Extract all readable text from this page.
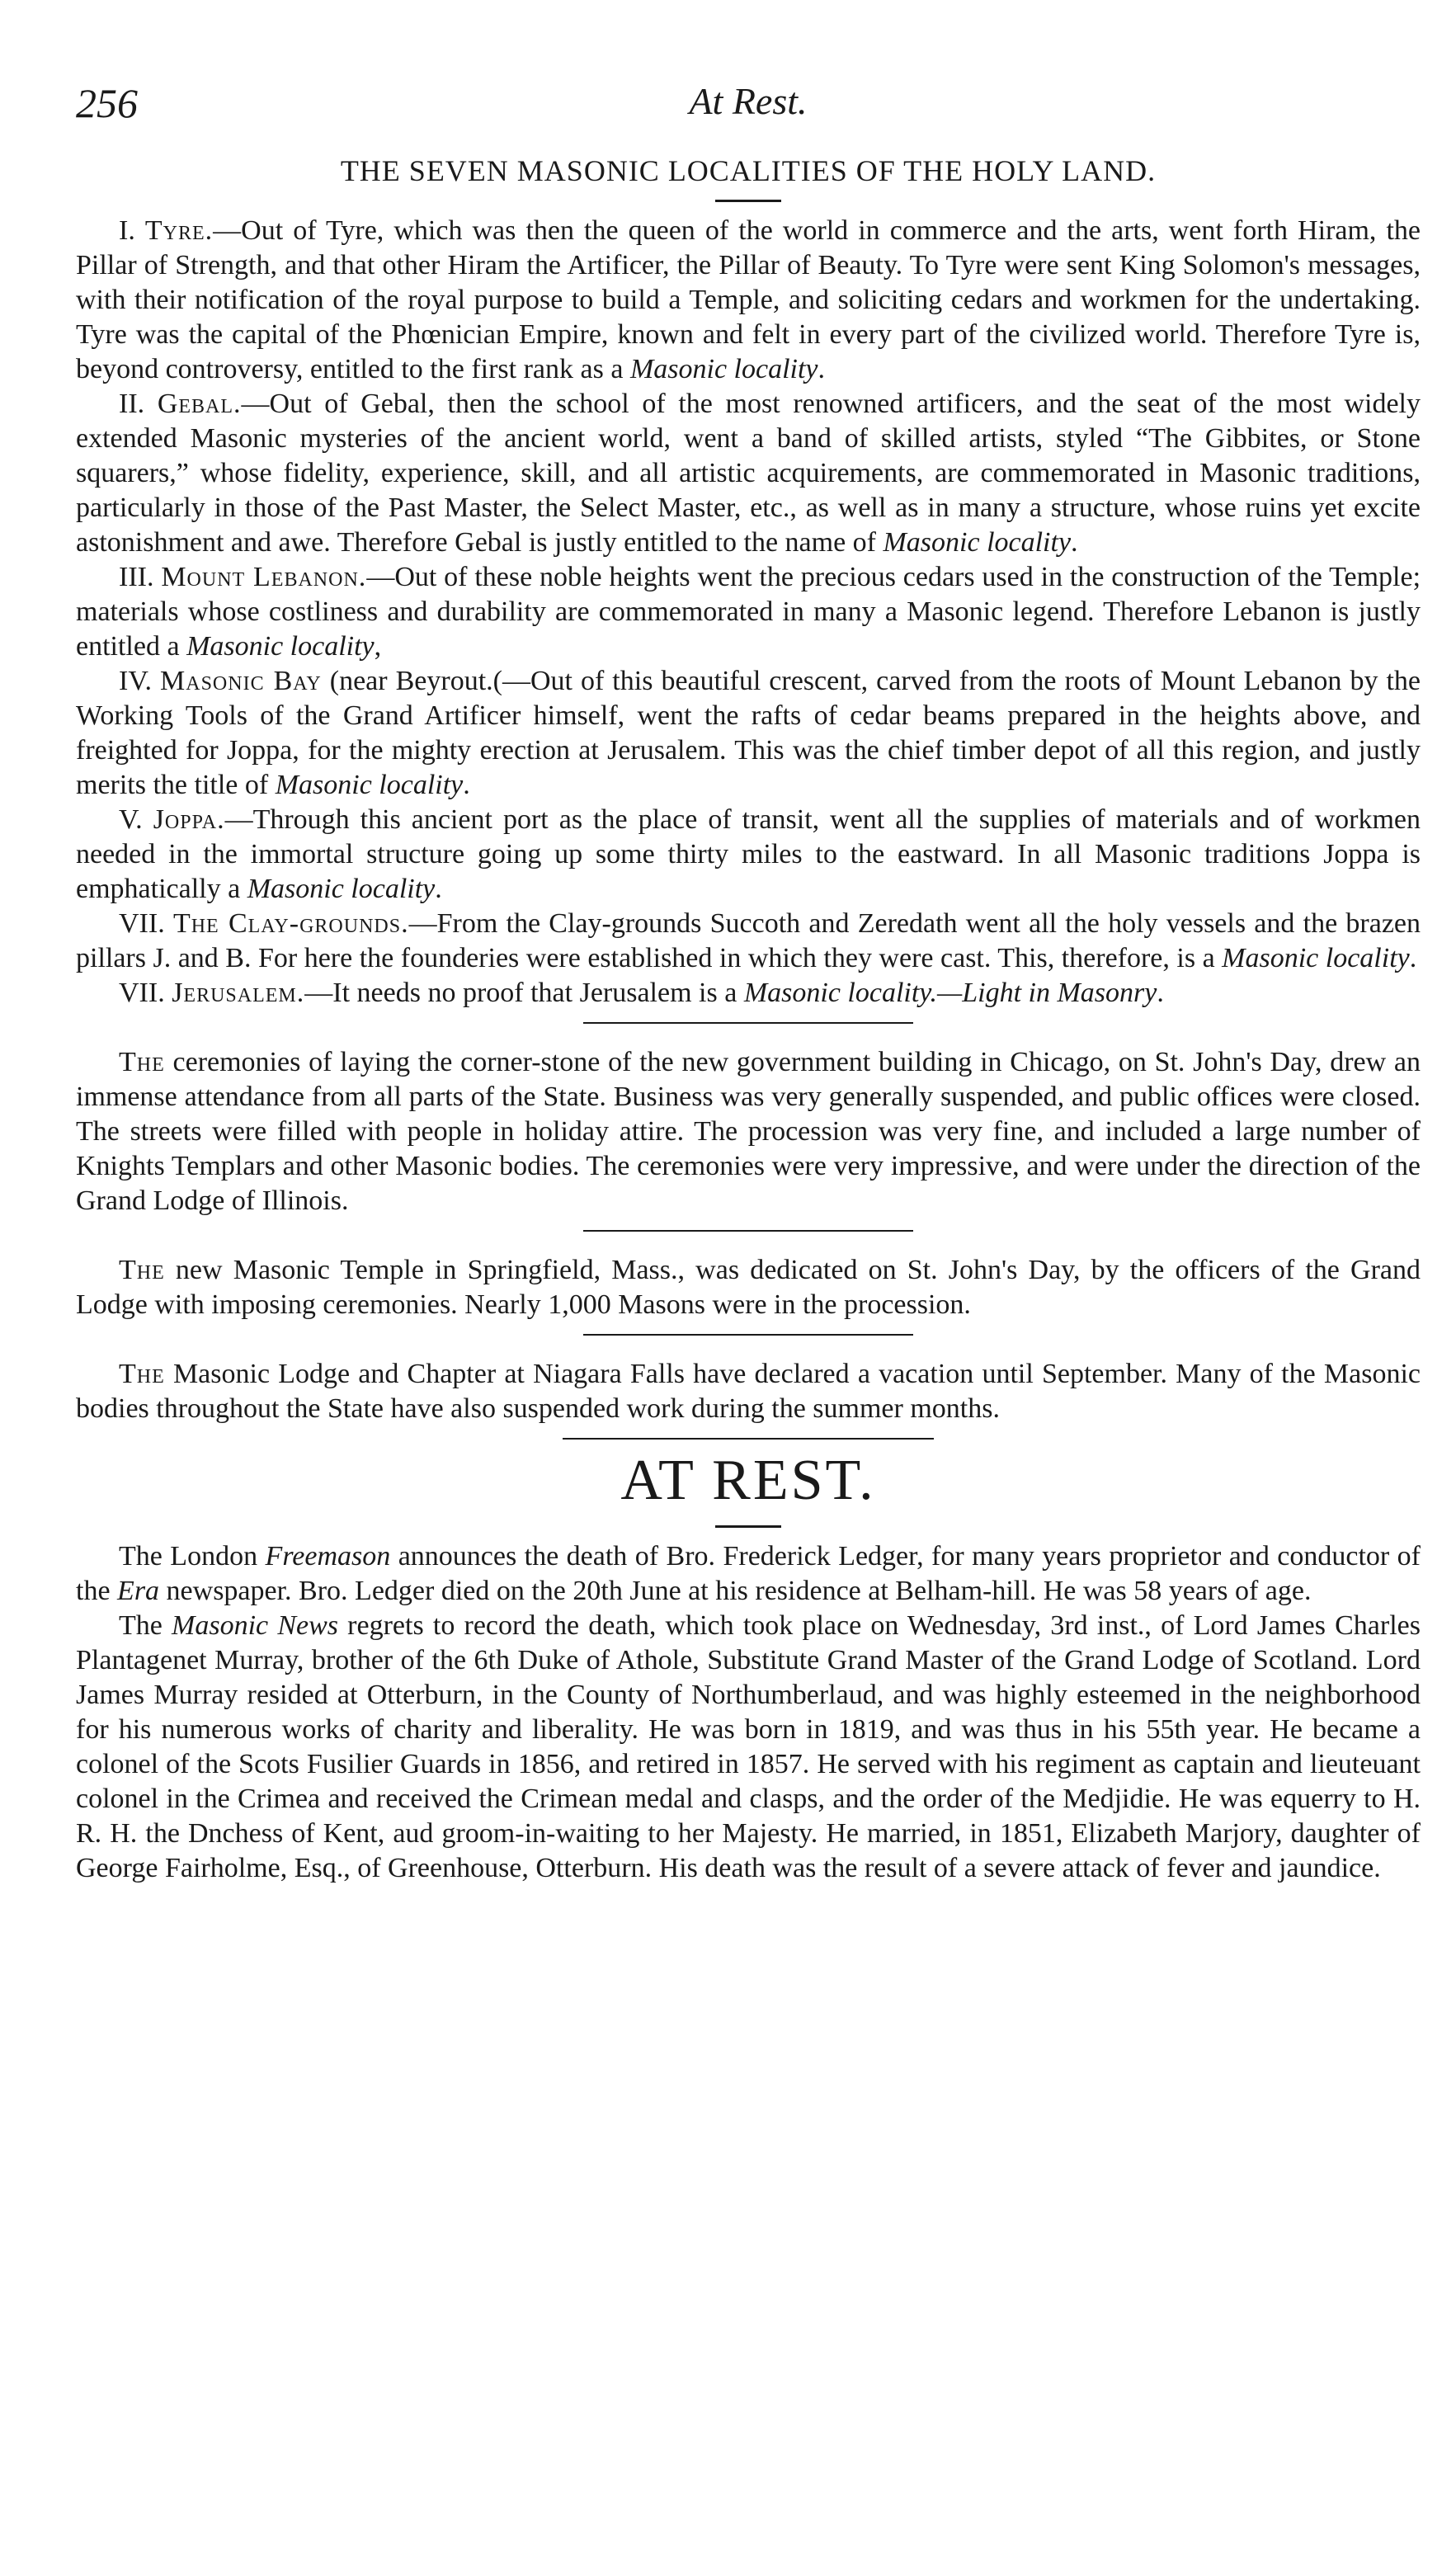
256	At Rest.
THE SEVEN MASONIC LOCALITIES OF THE HOLY LAND.

I. Tyre.—Out of Tyre, which was then the queen of the world in commerce and the arts, went forth Hiram, the Pillar of Strength, and that other Hiram the Artificer, the Pillar of Beauty. To Tyre were sent King Solomon's messages, with their notification of the royal purpose to build a Temple, and soliciting cedars and workmen for the undertaking. Tyre was the capital of the Phœnician Empire, known and felt in every part of the civilized world. Therefore Tyre is, beyond controversy, entitled to the first rank as a Masonic locality.

II. Gebal.—Out of Gebal, then the school of the most renowned artificers, and the seat of the most widely extended Masonic mysteries of the ancient world, went a band of skilled artists, styled “The Gibbites, or Stone squarers,” whose fidelity, experience, skill, and all artistic acquirements, are commemorated in Masonic traditions, particularly in those of the Past Master, the Select Master, etc., as well as in many a structure, whose ruins yet excite astonishment and awe. Therefore Gebal is justly entitled to the name of Masonic locality.

III. Mount Lebanon.—Out of these noble heights went the precious cedars used in the construction of the Temple; materials whose costliness and durability are commemorated in many a Masonic legend. Therefore Lebanon is justly entitled a Masonic locality,

IV. Masonic Bay (near Beyrout.(—Out of this beautiful crescent, carved from the roots of Mount Lebanon by the Working Tools of the Grand Artificer himself, went the rafts of cedar beams prepared in the heights above, and freighted for Joppa, for the mighty erection at Jerusalem. This was the chief timber depot of all this region, and justly merits the title of Masonic locality.

V. Joppa.—Through this ancient port as the place of transit, went all the supplies of materials and of workmen needed in the immortal structure going up some thirty miles to the eastward. In all Masonic traditions Joppa is emphatically a Masonic locality.

VII. The Clay-grounds.—From the Clay-grounds Succoth and Zeredath went all the holy vessels and the brazen pillars J. and B. For here the founderies were established in which they were cast. This, therefore, is a Masonic locality.

VII. Jerusalem.—It needs no proof that Jerusalem is a Masonic locality.—Light in Masonry.

The ceremonies of laying the corner-stone of the new government building in Chicago, on St. John's Day, drew an immense attendance from all parts of the State. Business was very generally suspended, and public offices were closed. The streets were filled with people in holiday attire. The procession was very fine, and included a large number of Knights Templars and other Masonic bodies. The ceremonies were very impressive, and were under the direction of the Grand Lodge of Illinois.

The new Masonic Temple in Springfield, Mass., was dedicated on St. John's Day, by the officers of the Grand Lodge with imposing ceremonies. Nearly 1,000 Masons were in the procession.

The Masonic Lodge and Chapter at Niagara Falls have declared a vacation until September. Many of the Masonic bodies throughout the State have also suspended work during the summer months.

AT REST.

The London Freemason announces the death of Bro. Frederick Ledger, for many years proprietor and conductor of the Era newspaper. Bro. Ledger died on the 20th June at his residence at Belham-hill. He was 58 years of age.

The Masonic News regrets to record the death, which took place on Wednesday, 3rd inst., of Lord James Charles Plantagenet Murray, brother of the 6th Duke of Athole, Substitute Grand Master of the Grand Lodge of Scotland. Lord James Murray resided at Otterburn, in the County of Northumberlaud, and was highly esteemed in the neighborhood for his numerous works of charity and liberality. He was born in 1819, and was thus in his 55th year. He became a colonel of the Scots Fusilier Guards in 1856, and retired in 1857. He served with his regiment as captain and lieuteuant colonel in the Crimea and received the Crimean medal and clasps, and the order of the Medjidie. He was equerry to H. R. H. the Dnchess of Kent, aud groom-in-waiting to her Majesty. He married, in 1851, Elizabeth Marjory, daughter of George Fairholme, Esq., of Greenhouse, Otterburn. His death was the result of a severe attack of fever and jaundice.
